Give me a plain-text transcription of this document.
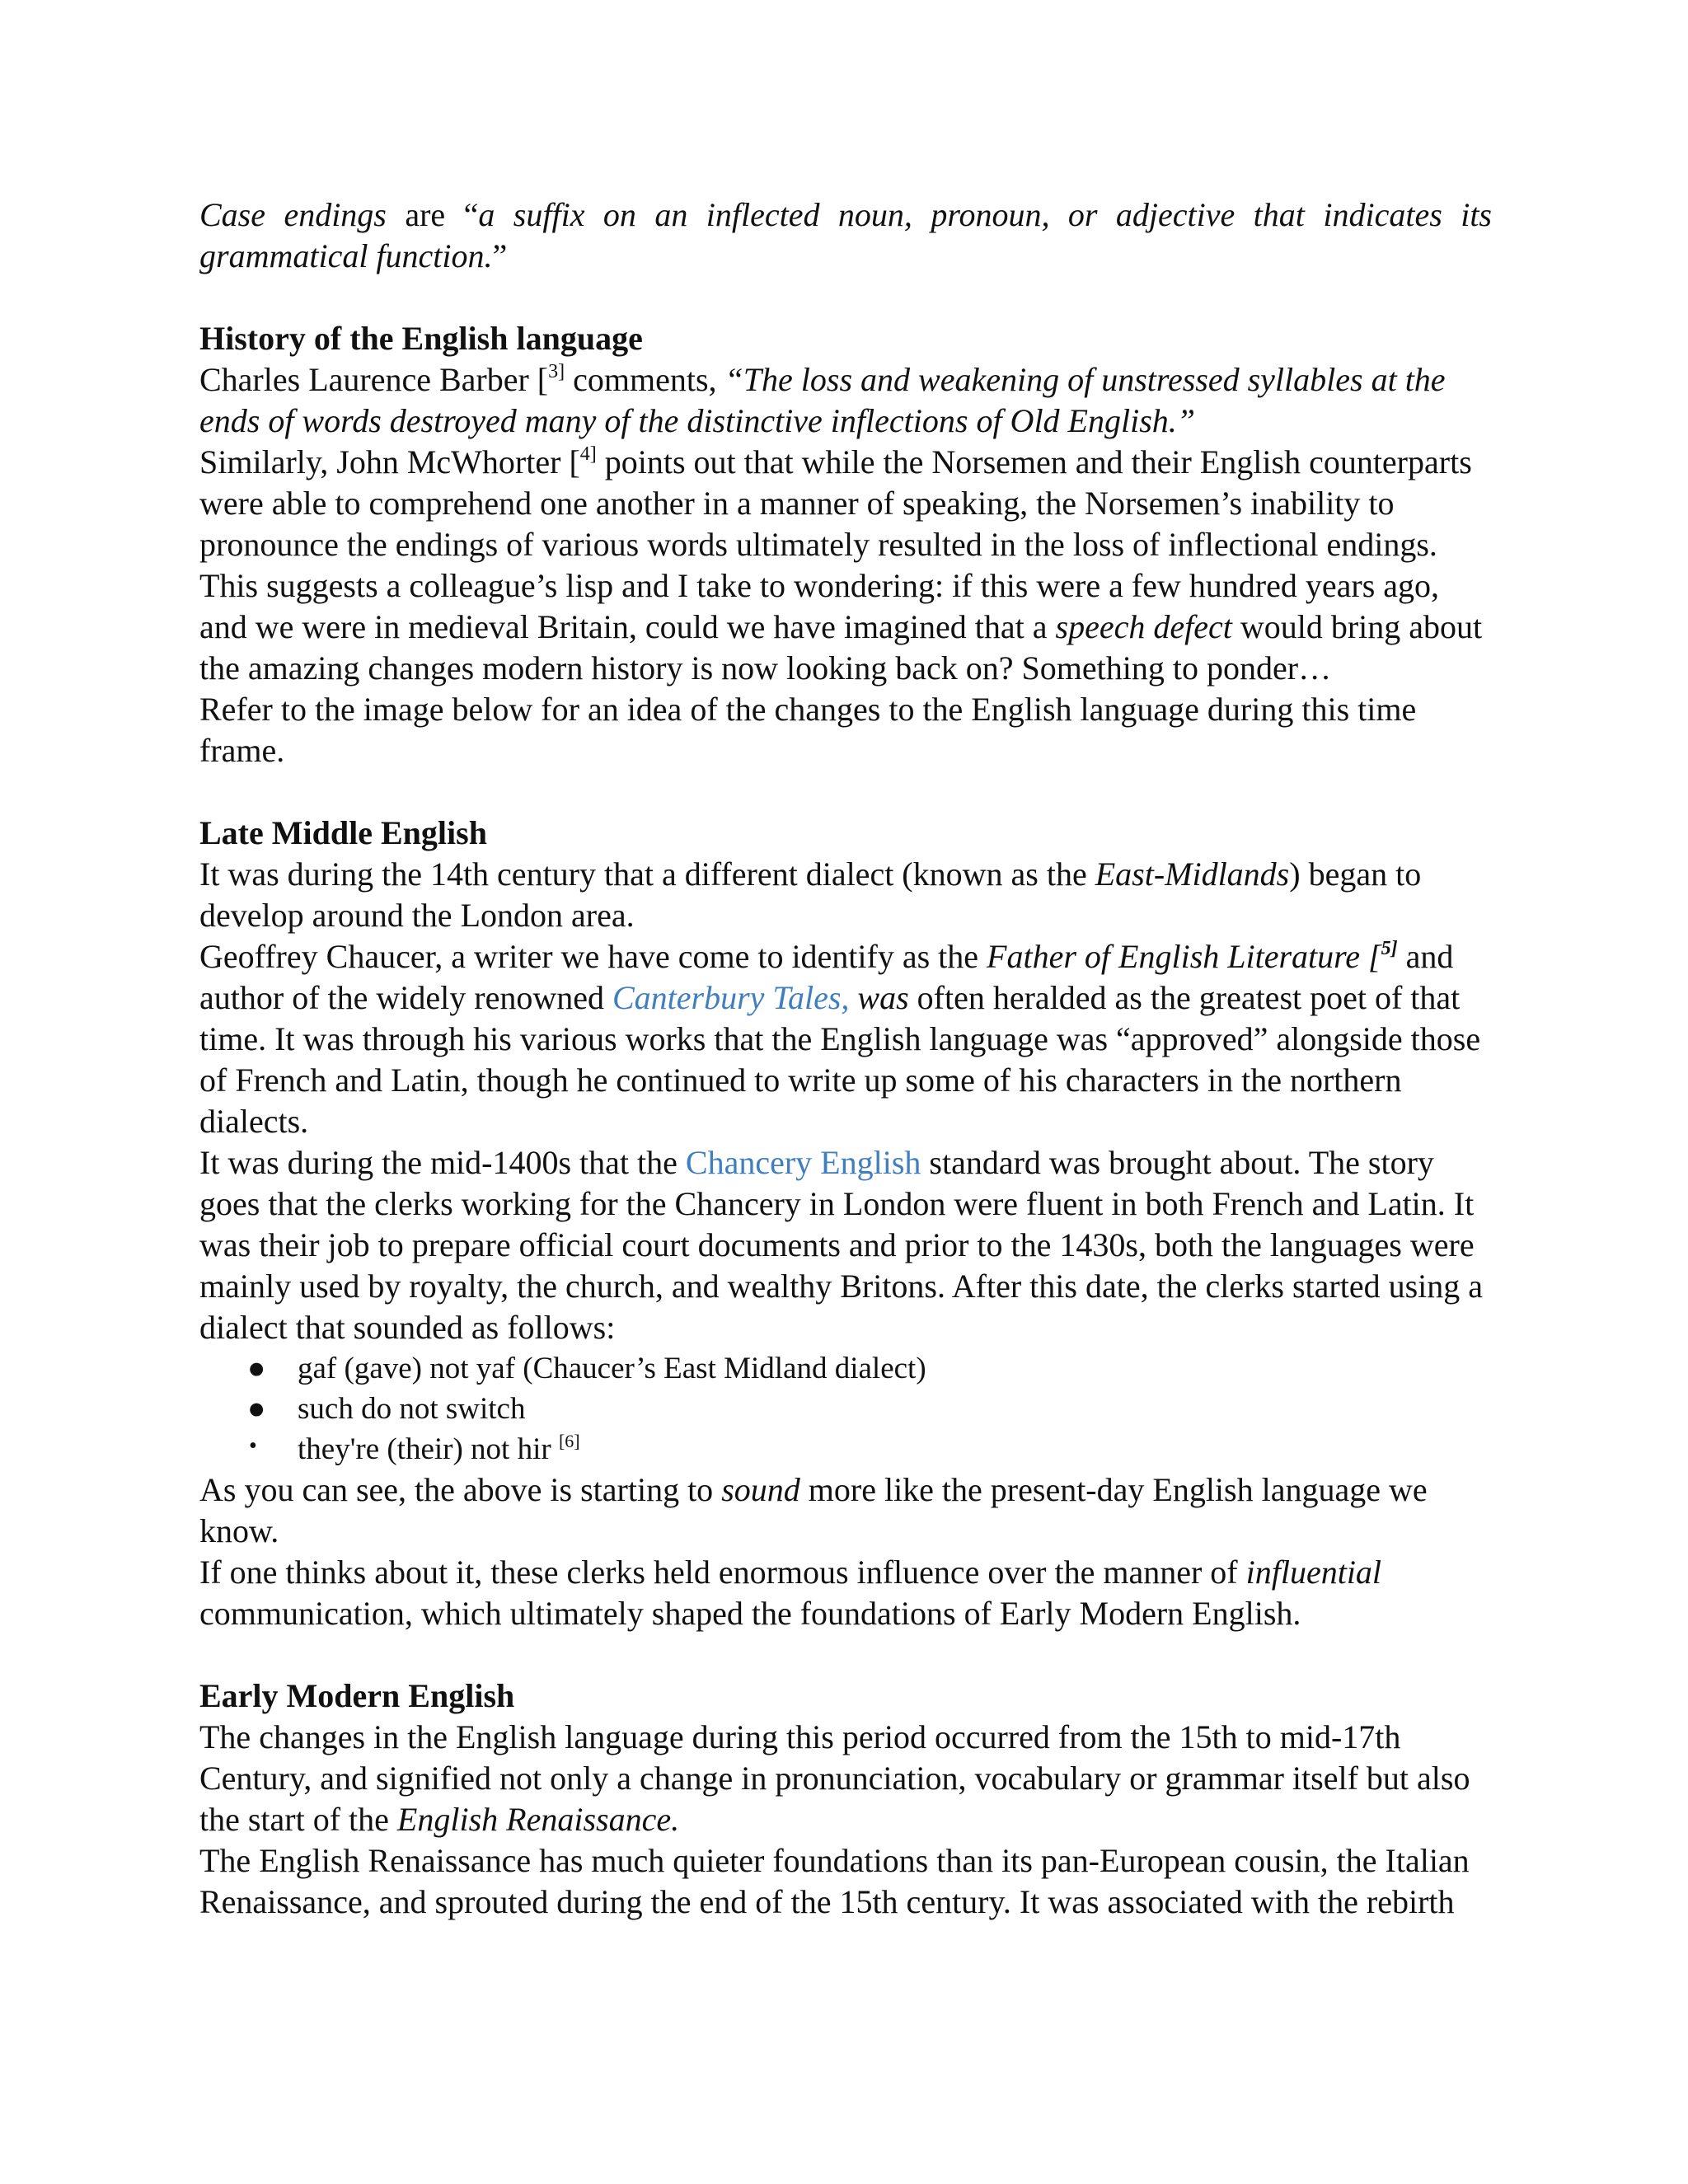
Case endings are “a suffix on an inflected noun, pronoun, or adjective that indicates its grammatical function.”

History of the English language

Charles Laurence Barber [$^{3]}$ comments, “The loss and weakening of unstressed syllables at the ends of words destroyed many of the distinctive inflections of Old English.”

Similarly, John McWhorter [$^{4]}$ points out that while the Norsemen and their English counterparts were able to comprehend one another in a manner of speaking, the Norsemen’s inability to pronounce the endings of various words ultimately resulted in the loss of inflectional endings.

This suggests a colleague’s lisp and I take to wondering: if this were a few hundred years ago, and we were in medieval Britain, could we have imagined that a speech defect would bring about the amazing changes modern history is now looking back on? Something to ponder…

Refer to the image below for an idea of the changes to the English language during this time frame.

Late Middle English

It was during the 14th century that a different dialect (known as the East-Midlands) began to develop around the London area.

Geoffrey Chaucer, a writer we have come to identify as the Father of English Literature [$^{5]}$ and author of the widely renowned Canterbury Tales, was often heralded as the greatest poet of that time. It was through his various works that the English language was “approved” alongside those of French and Latin, though he continued to write up some of his characters in the northern dialects.

It was during the mid-1400s that the Chancery English standard was brought about. The story goes that the clerks working for the Chancery in London were fluent in both French and Latin. It was their job to prepare official court documents and prior to the 1430s, both the languages were mainly used by royalty, the church, and wealthy Britons. After this date, the clerks started using a dialect that sounded as follows:

● gaf (gave) not yaf (Chaucer’s East Midland dialect)
● such do not switch
• they're (their) not hir [6]

As you can see, the above is starting to sound more like the present-day English language we know.

If one thinks about it, these clerks held enormous influence over the manner of influential communication, which ultimately shaped the foundations of Early Modern English.

Early Modern English

The changes in the English language during this period occurred from the 15th to mid-17th Century, and signified not only a change in pronunciation, vocabulary or grammar itself but also the start of the English Renaissance.

The English Renaissance has much quieter foundations than its pan-European cousin, the Italian Renaissance, and sprouted during the end of the 15th century. It was associated with the rebirth
